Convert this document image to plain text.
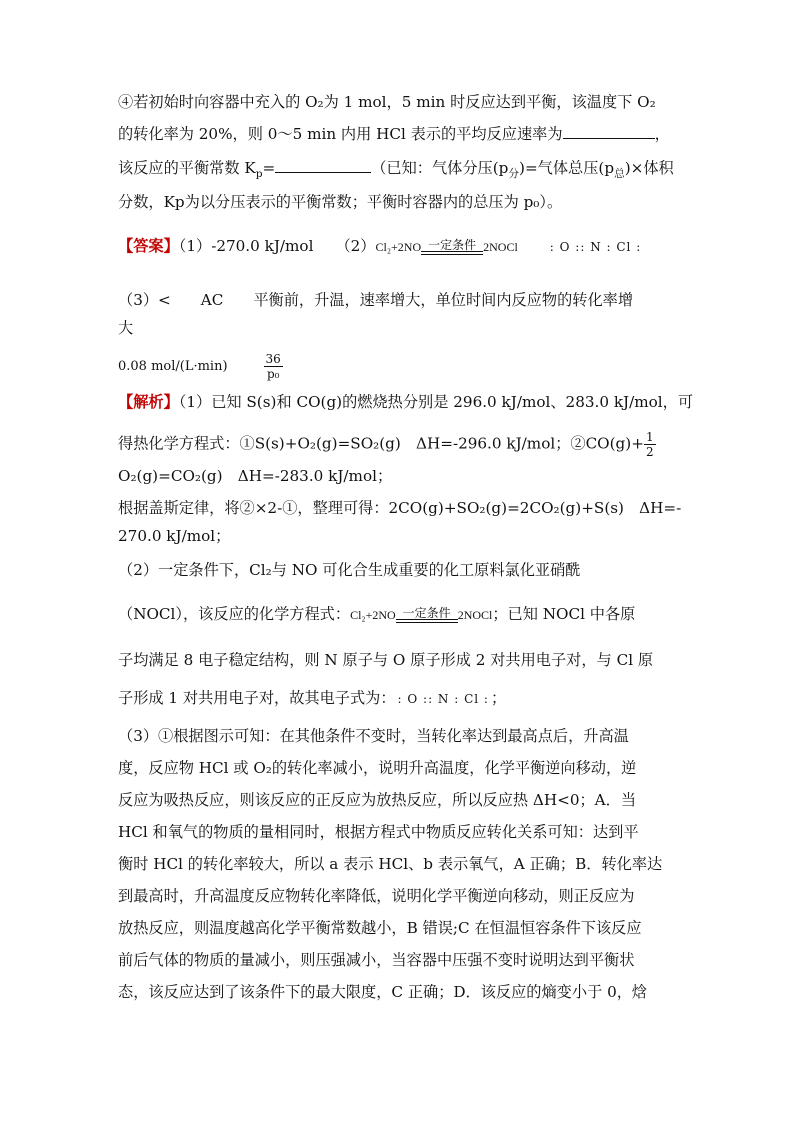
④若初始时向容器中充入的 O₂为 1 mol，5 min 时反应达到平衡，该温度下 O₂
的转化率为 20%，则 0～5 min 内用 HCl 表示的平均反应速率为	，
该反应的平衡常数 $K_p=$	（已知：气体分压$(p_分)=$气体总压$(p_总)\times$体积
分数，Kp为以分压表示的平衡常数；平衡时容器内的总压为 p₀）。
【答案】（1）-270.0 kJ/mol （2）Cl₂+2NO 一定条件 2NOCl	: O :: N : Cl :
（3）< AC 平衡前，升温，速率增大，单位时间内反应物的转化率增
大
0.08 mol/(L·min)	$\frac{36}{\text{p₀}}$
【解析】（1）已知 S(s)和 CO(g)的燃烧热分别是 296.0 kJ/mol、283.0 kJ/mol，可
得热化学方程式：①S(s)+O₂(g)=SO₂(g)　ΔH=-296.0 kJ/mol；②CO(g)+ $\frac{1}{2}$
O₂(g)=CO₂(g)　ΔH=-283.0 kJ/mol；
根据盖斯定律，将②×2-①，整理可得：2CO(g)+SO₂(g)=2CO₂(g)+S(s)　ΔH=-
270.0 kJ/mol；
（2）一定条件下，Cl₂与 NO 可化合生成重要的化工原料氯化亚硝酰
（NOCl），该反应的化学方程式：Cl₂+2NO 一定条件 2NOCl；已知 NOCl 中各原
子均满足 8 电子稳定结构，则 N 原子与 O 原子形成 2 对共用电子对，与 Cl 原
子形成 1 对共用电子对，故其电子式为： : O :: N : Cl : ；
（3）①根据图示可知：在其他条件不变时，当转化率达到最高点后，升高温
度，反应物 HCl 或 O₂的转化率减小，说明升高温度，化学平衡逆向移动，逆
反应为吸热反应，则该反应的正反应为放热反应，所以反应热 ΔH<0；A．当
HCl 和氧气的物质的量相同时，根据方程式中物质反应转化关系可知：达到平
衡时 HCl 的转化率较大，所以 a 表示 HCl、b 表示氧气，A 正确；B．转化率达
到最高时，升高温度反应物转化率降低，说明化学平衡逆向移动，则正反应为
放热反应，则温度越高化学平衡常数越小，B 错误;C 在恒温恒容条件下该反应
前后气体的物质的量减小，则压强减小，当容器中压强不变时说明达到平衡状
态，该反应达到了该条件下的最大限度，C 正确；D．该反应的熵变小于 0，焓
